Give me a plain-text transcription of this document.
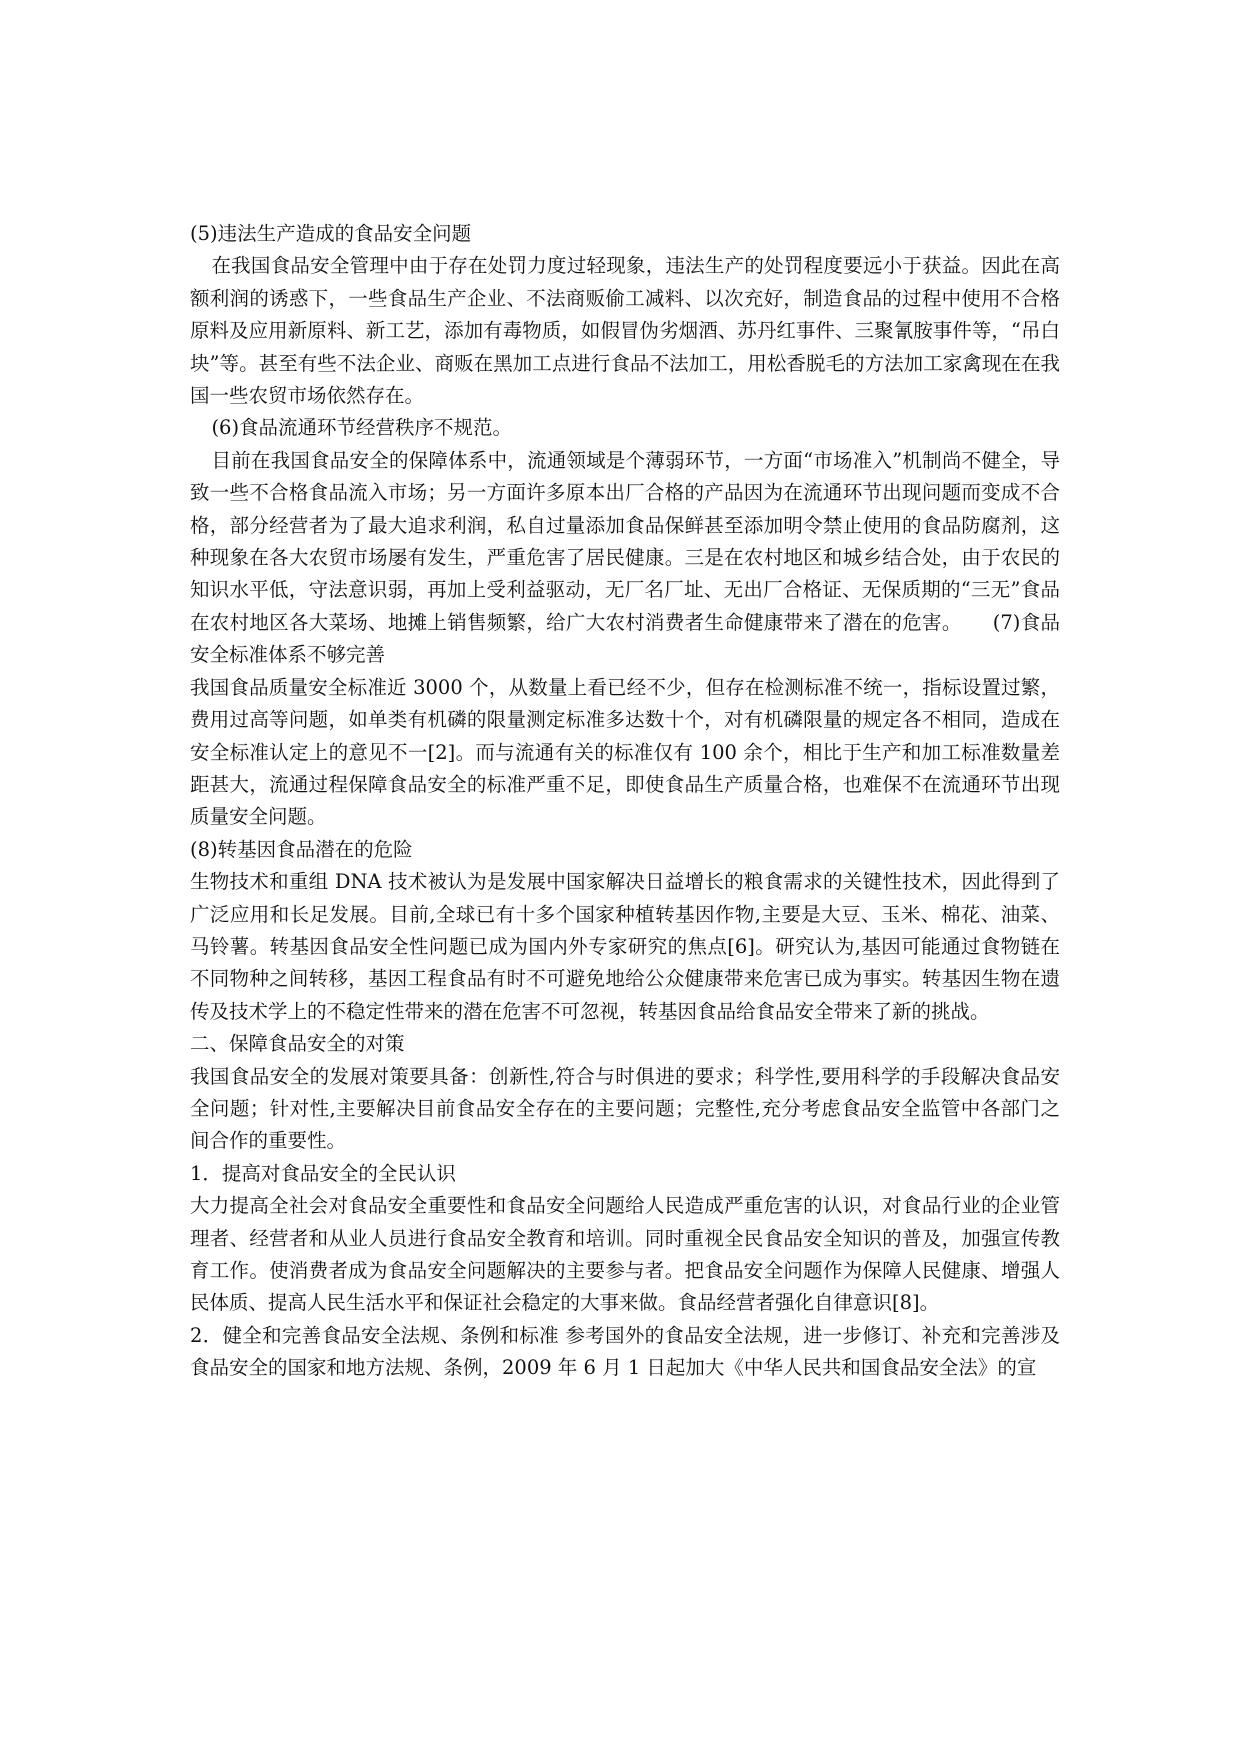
(5)违法生产造成的食品安全问题

在我国食品安全管理中由于存在处罚力度过轻现象，违法生产的处罚程度要远小于获益。因此在高额利润的诱惑下，一些食品生产企业、不法商贩偷工减料、以次充好，制造食品的过程中使用不合格原料及应用新原料、新工艺，添加有毒物质，如假冒伪劣烟酒、苏丹红事件、三聚氰胺事件等，“吊白块”等。甚至有些不法企业、商贩在黑加工点进行食品不法加工，用松香脱毛的方法加工家禽现在在我国一些农贸市场依然存在。

(6)食品流通环节经营秩序不规范。

目前在我国食品安全的保障体系中，流通领域是个薄弱环节，一方面“市场准入”机制尚不健全，导致一些不合格食品流入市场；另一方面许多原本出厂合格的产品因为在流通环节出现问题而变成不合格，部分经营者为了最大追求利润，私自过量添加食品保鲜甚至添加明令禁止使用的食品防腐剂，这种现象在各大农贸市场屡有发生，严重危害了居民健康。三是在农村地区和城乡结合处，由于农民的知识水平低，守法意识弱，再加上受利益驱动，无厂名厂址、无出厂合格证、无保质期的“三无”食品在农村地区各大菜场、地摊上销售频繁，给广大农村消费者生命健康带来了潜在的危害。 (7)食品安全标准体系不够完善

我国食品质量安全标准近 3000 个，从数量上看已经不少，但存在检测标准不统一，指标设置过繁，费用过高等问题，如单类有机磷的限量测定标准多达数十个，对有机磷限量的规定各不相同，造成在安全标准认定上的意见不一[2]。而与流通有关的标准仅有 100 余个，相比于生产和加工标准数量差距甚大，流通过程保障食品安全的标准严重不足，即使食品生产质量合格，也难保不在流通环节出现质量安全问题。

(8)转基因食品潜在的危险

生物技术和重组 DNA 技术被认为是发展中国家解决日益增长的粮食需求的关键性技术，因此得到了广泛应用和长足发展。目前,全球已有十多个国家种植转基因作物,主要是大豆、玉米、棉花、油菜、马铃薯。转基因食品安全性问题已成为国内外专家研究的焦点[6]。研究认为,基因可能通过食物链在不同物种之间转移，基因工程食品有时不可避免地给公众健康带来危害已成为事实。转基因生物在遗传及技术学上的不稳定性带来的潜在危害不可忽视，转基因食品给食品安全带来了新的挑战。

二、保障食品安全的对策

我国食品安全的发展对策要具备：创新性,符合与时俱进的要求；科学性,要用科学的手段解决食品安全问题；针对性,主要解决目前食品安全存在的主要问题；完整性,充分考虑食品安全监管中各部门之间合作的重要性。

1．提高对食品安全的全民认识

大力提高全社会对食品安全重要性和食品安全问题给人民造成严重危害的认识，对食品行业的企业管理者、经营者和从业人员进行食品安全教育和培训。同时重视全民食品安全知识的普及，加强宣传教育工作。使消费者成为食品安全问题解决的主要参与者。把食品安全问题作为保障人民健康、增强人民体质、提高人民生活水平和保证社会稳定的大事来做。食品经营者强化自律意识[8]。

2．健全和完善食品安全法规、条例和标准 参考国外的食品安全法规，进一步修订、补充和完善涉及食品安全的国家和地方法规、条例，2009 年 6 月 1 日起加大《中华人民共和国食品安全法》的宣
